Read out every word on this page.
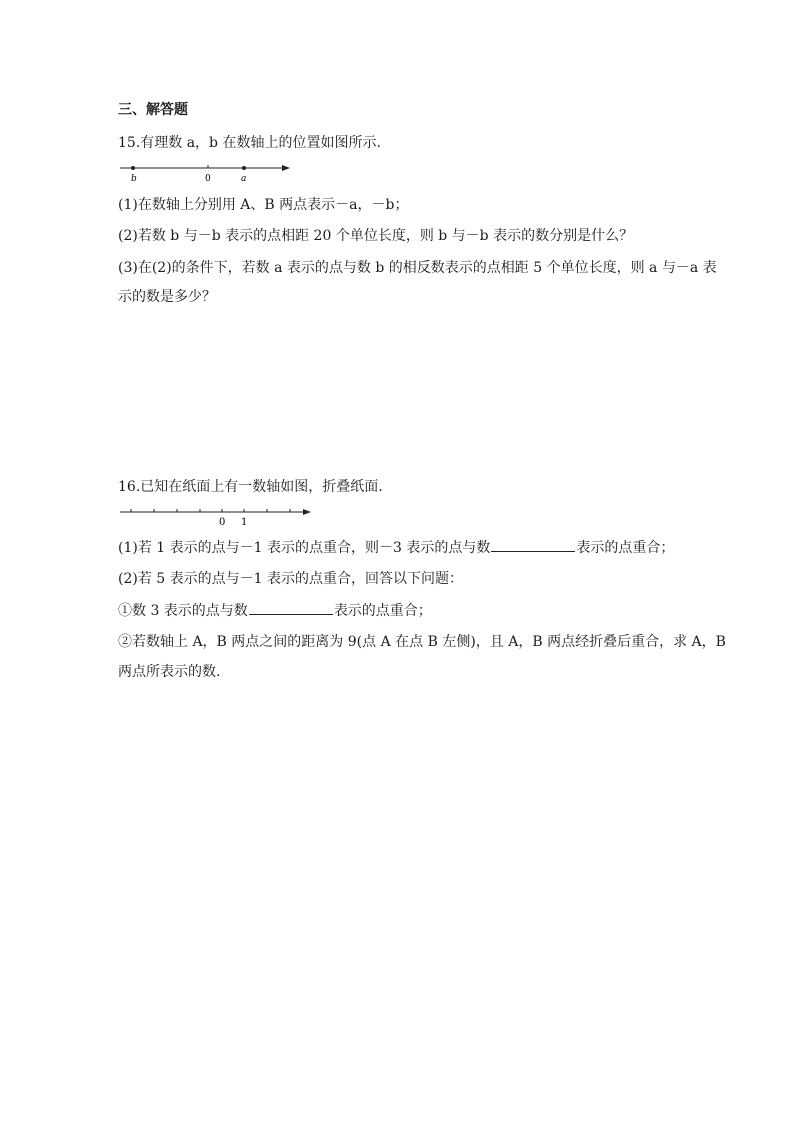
三、解答题
15.有理数 a，b 在数轴上的位置如图所示.
b	0	a
(1)在数轴上分别用 A、B 两点表示－a，－b；
(2)若数 b 与－b 表示的点相距 20 个单位长度，则 b 与－b 表示的数分别是什么？
(3)在(2)的条件下，若数 a 表示的点与数 b 的相反数表示的点相距 5 个单位长度，则 a 与－a 表
示的数是多少？
16.已知在纸面上有一数轴如图，折叠纸面.
0 1
(1)若 1 表示的点与－1 表示的点重合，则－3 表示的点与数	表示的点重合；
(2)若 5 表示的点与－1 表示的点重合，回答以下问题：
①数 3 表示的点与数	表示的点重合；
②若数轴上 A，B 两点之间的距离为 9(点 A 在点 B 左侧)，且 A，B 两点经折叠后重合，求 A，B
两点所表示的数.
